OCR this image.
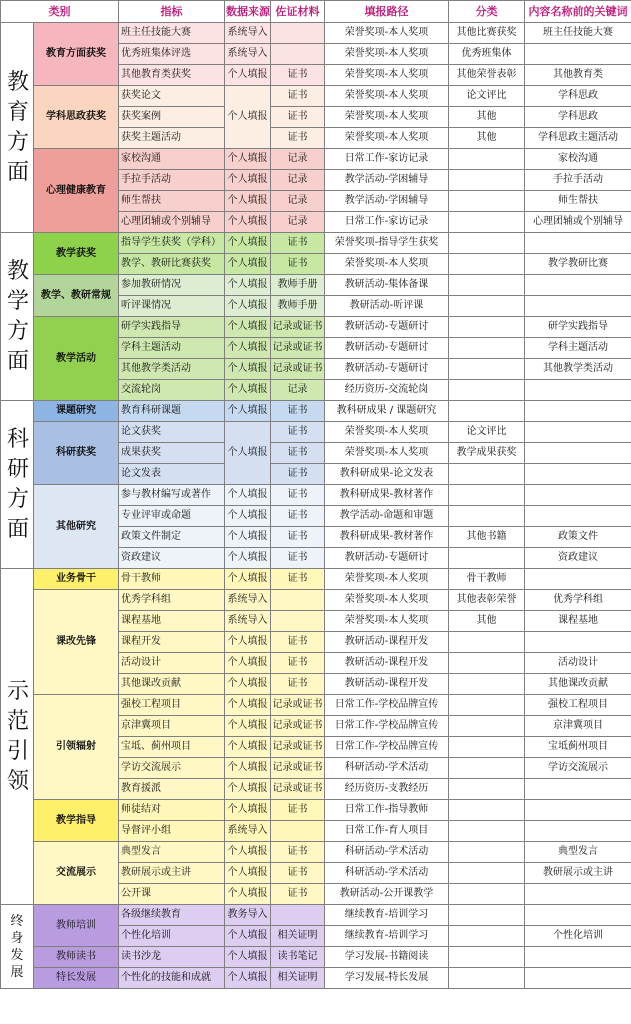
类别		指标	数据来源	佐证材料	填报路径	分类	内容名称前的关键词
教育方面	教育方面获奖	班主任技能大赛	系统导入		荣誉奖项-本人奖项	其他比赛获奖	班主任技能大赛
		优秀班集体评选	系统导入		荣誉奖项-本人奖项	优秀班集体	
		其他教育类获奖	个人填报	证书	荣誉奖项-本人奖项	其他荣誉表彰	其他教育类
	学科思政获奖	获奖论文	个人填报	证书	荣誉奖项-本人奖项	论文评比	学科思政
		获奖案例		证书	荣誉奖项-本人奖项	其他	学科思政
		获奖主题活动		证书	荣誉奖项-本人奖项	其他	学科思政主题活动
	心理健康教育	家校沟通	个人填报	记录	日常工作-家访记录		家校沟通
		手拉手活动	个人填报	记录	教学活动-学困辅导		手拉手活动
		师生帮扶	个人填报	记录	教学活动-学困辅导		师生帮扶
		心理团辅或个别辅导	个人填报	记录	日常工作-家访记录		心理团辅或个别辅导
教学方面	教学获奖	指导学生获奖（学科）	个人填报	证书	荣誉奖项-指导学生获奖		
		教学、教研比赛获奖	个人填报	证书	荣誉奖项-本人奖项		教学教研比赛
	教学、教研常规	参加教研情况	个人填报	教师手册	教研活动-集体备课		
		听评课情况	个人填报	教师手册	教研活动-听评课		
	教学活动	研学实践指导	个人填报	记录或证书	教研活动-专题研讨		研学实践指导
		学科主题活动	个人填报	记录或证书	教研活动-专题研讨		学科主题活动
		其他教学类活动	个人填报	记录或证书	教研活动-专题研讨		其他教学类活动
		交流轮岗	个人填报	记录	经历资历-交流轮岗		
科研方面	课题研究	教育科研课题	个人填报	证书	教科研成果 / 课题研究		
	科研获奖	论文获奖	个人填报	证书	荣誉奖项-本人奖项	论文评比	
		成果获奖		证书	荣誉奖项-本人奖项	教学成果获奖	
		论文发表		证书	教科研成果-论文发表		
	其他研究	参与教材编写或著作	个人填报	证书	教科研成果-教材著作		
		专业评审或命题	个人填报	证书	教学活动-命题和审题		
		政策文件制定	个人填报	证书	教科研成果-教材著作	其他书籍	政策文件
		资政建议	个人填报	证书	教研活动-专题研讨		资政建议
示范引领	业务骨干	骨干教师	个人填报	证书	荣誉奖项-本人奖项	骨干教师	
	课改先锋	优秀学科组	系统导入		荣誉奖项-本人奖项	其他表彰荣誉	优秀学科组
		课程基地	系统导入		荣誉奖项-本人奖项	其他	课程基地
		课程开发	个人填报	证书	教研活动-课程开发		
		活动设计	个人填报	证书	教研活动-课程开发		活动设计
		其他课改贡献	个人填报	证书	教研活动-课程开发		其他课改贡献
	引领辐射	强校工程项目	个人填报	记录或证书	日常工作-学校品牌宣传		强校工程项目
		京津冀项目	个人填报	记录或证书	日常工作-学校品牌宣传		京津冀项目
		宝坻、蓟州项目	个人填报	记录或证书	日常工作-学校品牌宣传		宝坻蓟州项目
		学访交流展示	个人填报	记录或证书	科研活动-学术活动		学访交流展示
		教育援派	个人填报	记录或证书	经历资历-支教经历		
	教学指导	师徒结对	个人填报	证书	日常工作-指导教师		
		导督评小组	系统导入		日常工作-育人项目		
	交流展示	典型发言	个人填报	证书	科研活动-学术活动		典型发言
		教研展示或主讲	个人填报	证书	科研活动-学术活动		教研展示或主讲
		公开课	个人填报	证书	教研活动-公开课教学		
终身发展	教师培训	各级继续教育	教务导入		继续教育-培训学习		
		个性化培训	个人填报	相关证明	继续教育-培训学习		个性化培训
	教师读书	读书沙龙	个人填报	读书笔记	学习发展-书籍阅读		
	特长发展	个性化的技能和成就	个人填报	相关证明	学习发展-特长发展		
